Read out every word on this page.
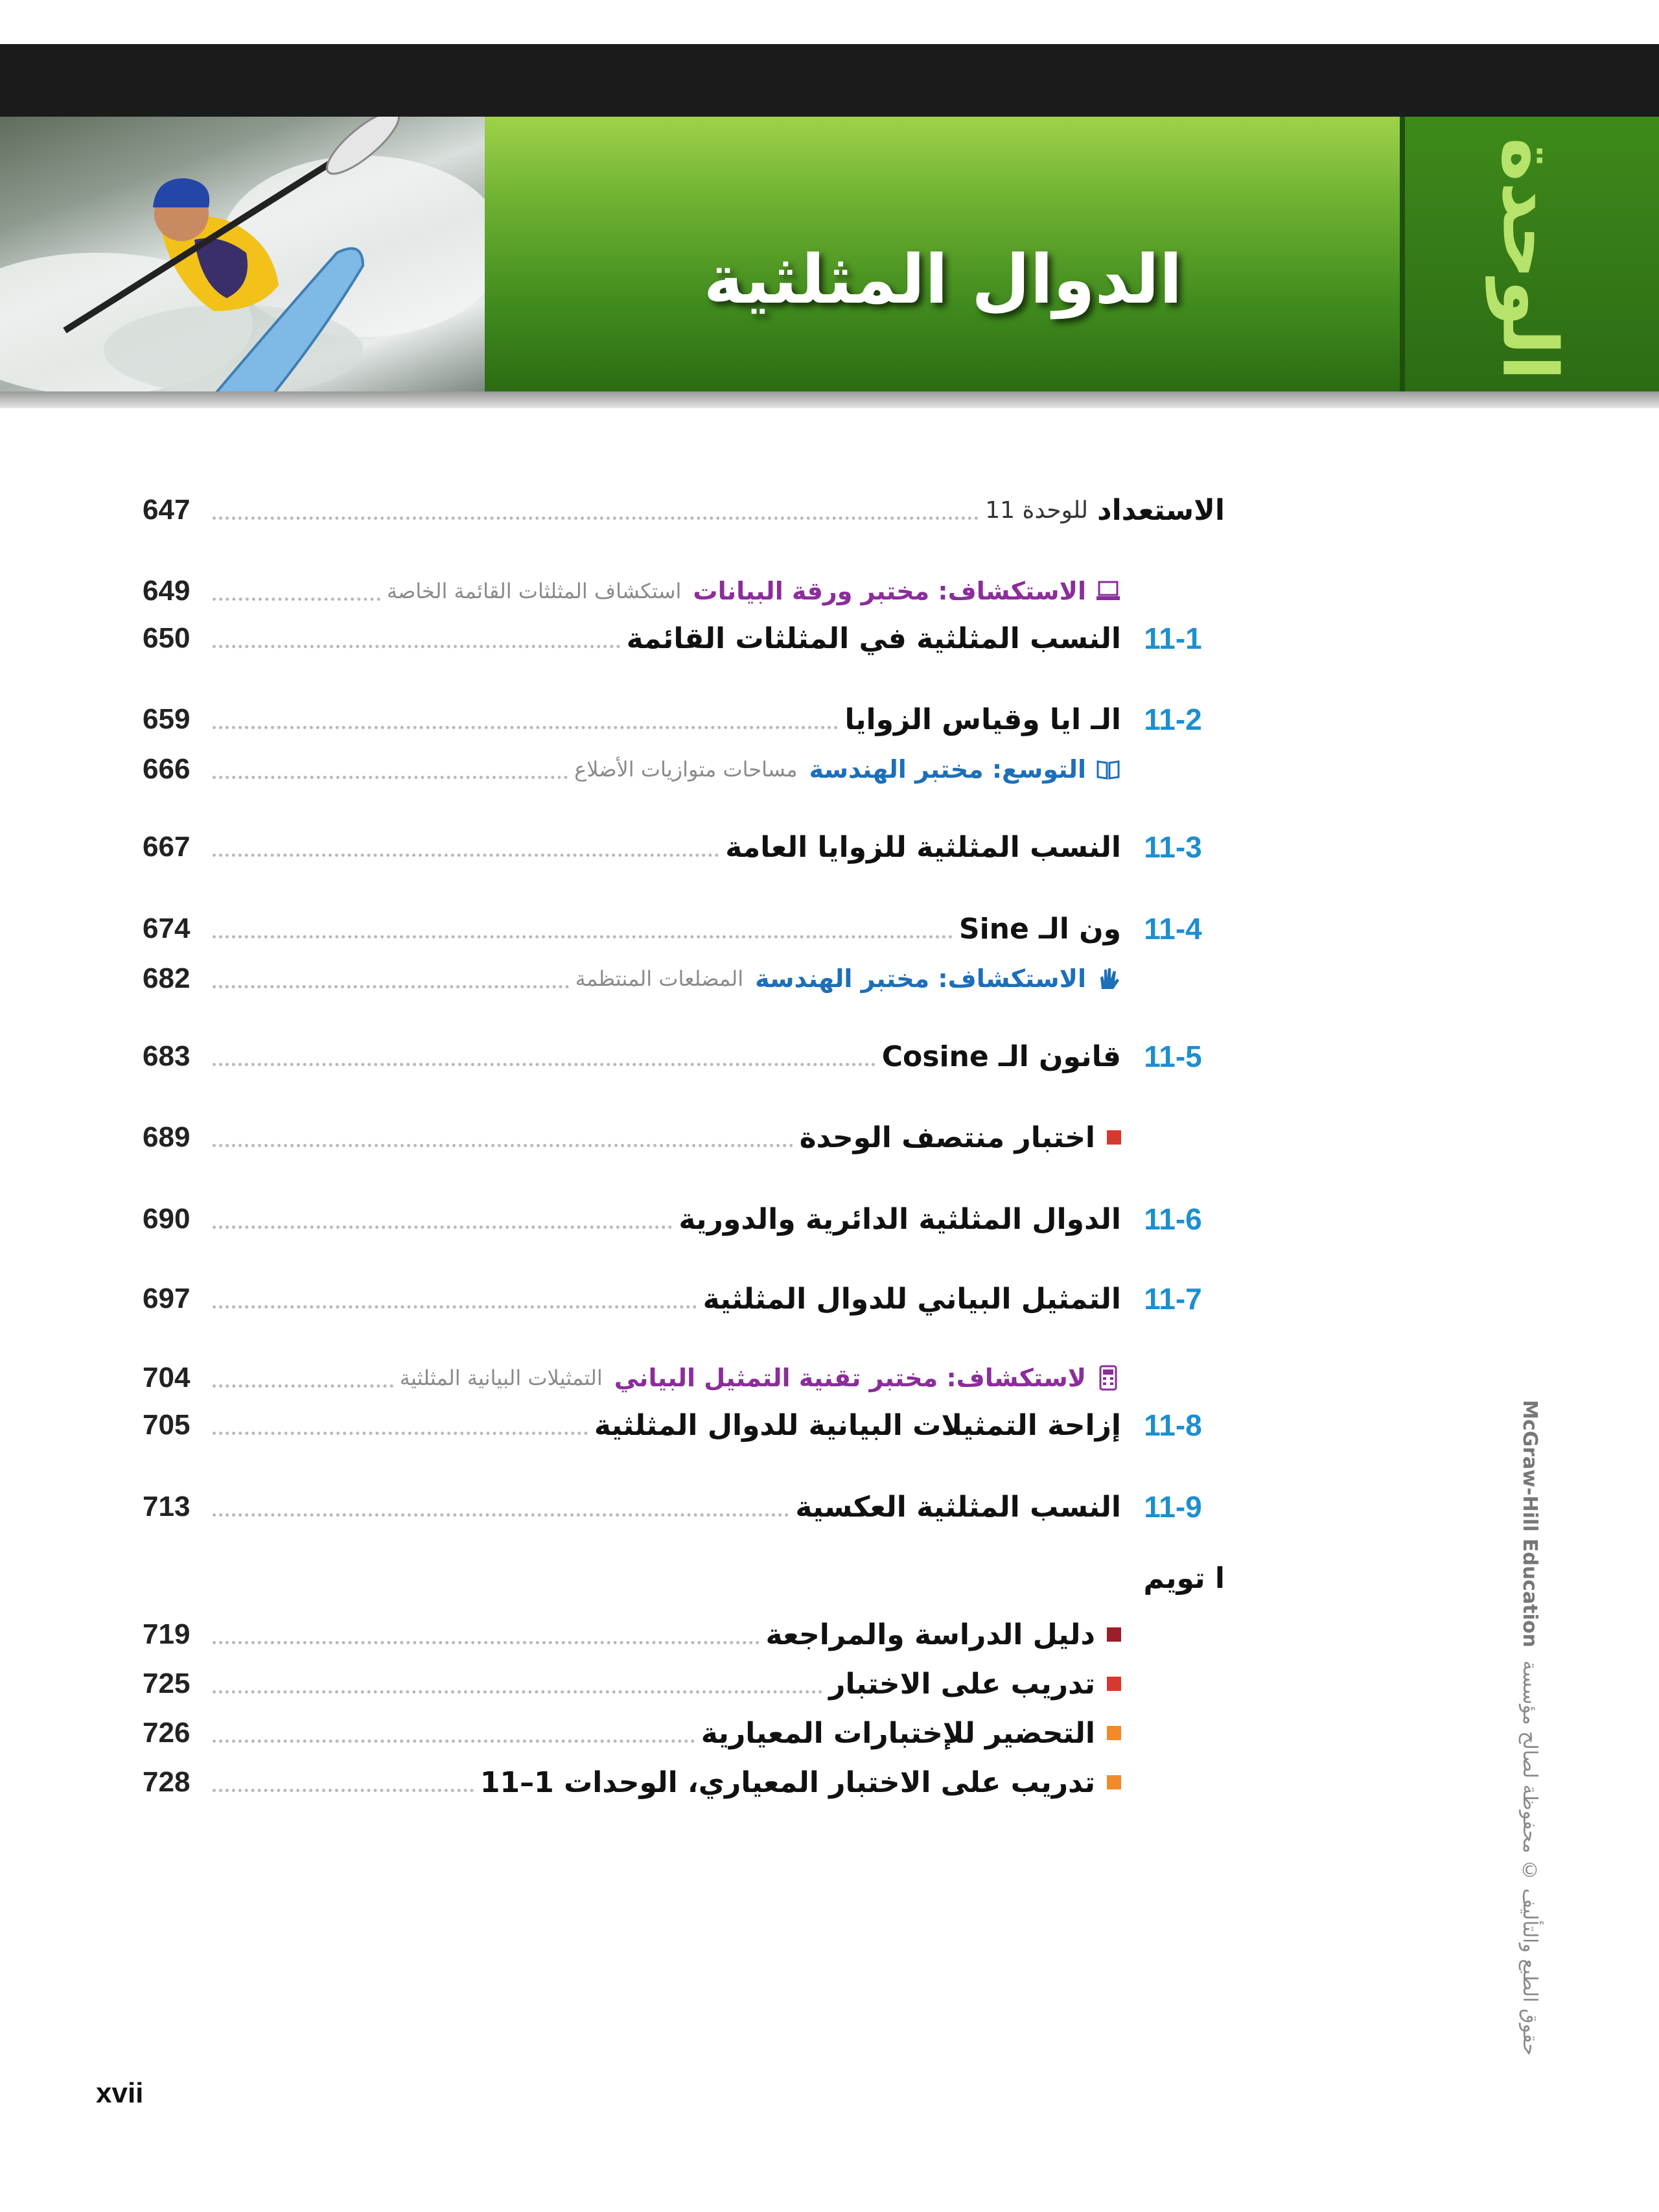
الوحدة
الدوال المثلثية
الاستعداد
للوحدة 11
647
الاستكشاف: مختبر ورقة البيانات
استكشاف المثلثات القائمة الخاصة
649
11-1
النسب المثلثية في المثلثات القائمة
650
11-2
الـ ايا وقياس الزوايا
659
التوسع: مختبر الهندسة
مساحات متوازيات الأضلاع
666
11-3
النسب المثلثية للزوايا العامة
667
11-4
ون الـ Sine
674
الاستكشاف: مختبر الهندسة
المضلعات المنتظمة
682
11-5
قانون الـ Cosine
683
اختبار منتصف الوحدة
689
11-6
الدوال المثلثية الدائرية والدورية
690
11-7
التمثيل البياني للدوال المثلثية
697
لاستكشاف: مختبر تقنية التمثيل البياني
التمثيلات البيانية المثلثية
704
11-8
إزاحة التمثيلات البيانية للدوال المثلثية
705
11-9
النسب المثلثية العكسية
713
ا تويم
دليل الدراسة والمراجعة
719
تدريب على الاختبار
725
التحضير للإختبارات المعيارية
726
تدريب على الاختبار المعياري، الوحدات 1–11
728
xvii
McGraw-Hill Education
حقوق الطبع والتأليف © محفوظة لصالح مؤسسة
